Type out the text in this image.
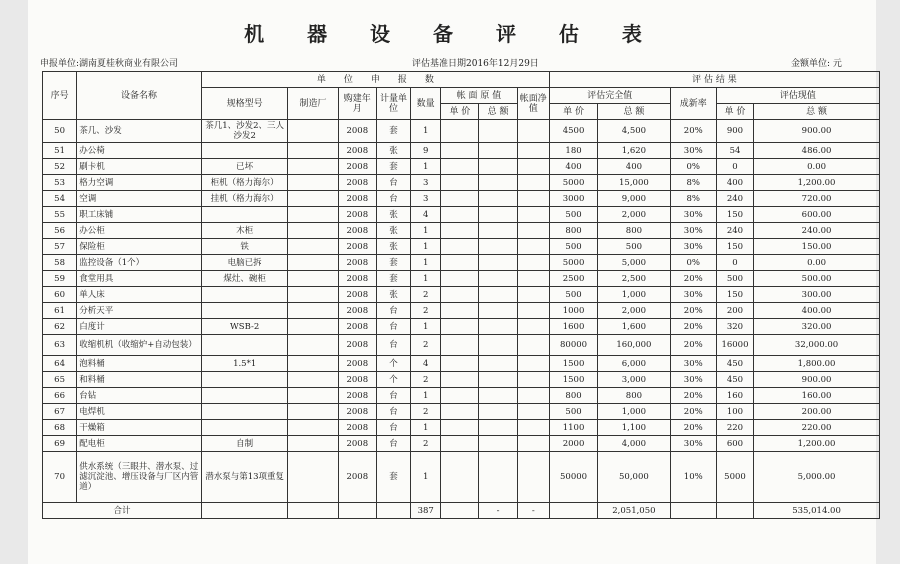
机 器 设 备 评 估 表
申报单位:湖南夏桂秋商业有限公司	评估基准日期2016年12月29日	金额单位: 元
序号	设备名称	单　　位　　申　　报　　数								评 估 结 果				
		规格型号	制造厂	购建年月	计量单位	数量	帐 面 原 值		帐面净值	评估完全值		成新率	评估现值	
							单 价	总 额		单 价	总 额		单 价	总 额
50	茶几、沙发	茶几1、沙发2、三人沙发2		2008	套	1				4500	4,500	20%	900	900.00
51	办公椅			2008	张	9				180	1,620	30%	54	486.00
52	刷卡机	已坏		2008	套	1				400	400	0%	0	0.00
53	格力空调	柜机（格力海尔）		2008	台	3				5000	15,000	8%	400	1,200.00
54	空调	挂机（格力海尔）		2008	台	3				3000	9,000	8%	240	720.00
55	职工床铺			2008	张	4				500	2,000	30%	150	600.00
56	办公柜	木柜		2008	张	1				800	800	30%	240	240.00
57	保险柜	铁		2008	张	1				500	500	30%	150	150.00
58	监控设备（1个）	电脑已拆		2008	套	1				5000	5,000	0%	0	0.00
59	食堂用具	煤灶、碗柜		2008	套	1				2500	2,500	20%	500	500.00
60	单人床			2008	张	2				500	1,000	30%	150	300.00
61	分析天平			2008	台	2				1000	2,000	20%	200	400.00
62	白度计	WSB-2		2008	台	1				1600	1,600	20%	320	320.00
63	收缩机机（收缩炉+自动包装）			2008	台	2				80000	160,000	20%	16000	32,000.00
64	泡料桶	1.5*1		2008	个	4				1500	6,000	30%	450	1,800.00
65	和料桶			2008	个	2				1500	3,000	30%	450	900.00
66	台钻			2008	台	1				800	800	20%	160	160.00
67	电焊机			2008	台	2				500	1,000	20%	100	200.00
68	干燥箱			2008	台	1				1100	1,100	20%	220	220.00
69	配电柜	自制		2008	台	2				2000	4,000	30%	600	1,200.00
70	供水系统（三眼井、潜水泵、过滤沉淀池、增压设备与厂区内管道）	潜水泵与第13项重复		2008	套	1				50000	50,000	10%	5000	5,000.00
合计						387		-	-		2,051,050			535,014.00
